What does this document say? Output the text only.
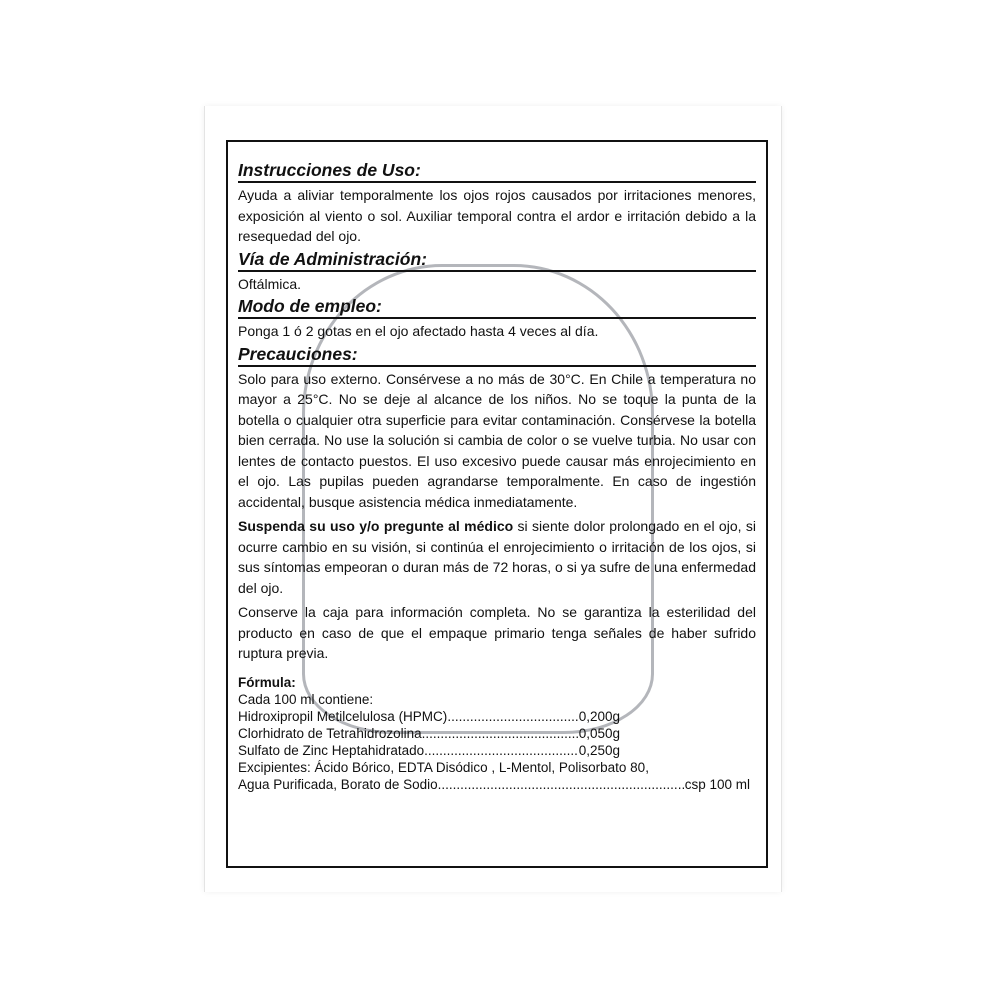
Instrucciones de Uso:

Ayuda a aliviar temporalmente los ojos rojos causados por irritaciones menores, exposición al viento o sol. Auxiliar temporal contra el ardor e irritación debido a la resequedad del ojo.

Vía de Administración:

Oftálmica.

Modo de empleo:

Ponga 1 ó 2 gotas en el ojo afectado hasta 4 veces al día.

Precauciones:

Solo para uso externo. Consérvese a no más de 30°C. En Chile a temperatura no mayor a 25°C. No se deje al alcance de los niños. No se toque la punta de la botella o cualquier otra superficie para evitar contaminación. Consérvese la botella bien cerrada. No use la solución si cambia de color o se vuelve turbia. No usar con lentes de contacto puestos. El uso excesivo puede causar más enrojecimiento en el ojo. Las pupilas pueden agrandarse temporalmente. En caso de ingestión accidental, busque asistencia médica inmediatamente.

Suspenda su uso y/o pregunte al médico si siente dolor prolongado en el ojo, si ocurre cambio en su visión, si continúa el enrojecimiento o irritación de los ojos, si sus síntomas empeoran o duran más de 72 horas, o si ya sufre de una enfermedad del ojo.

Conserve la caja para información completa. No se garantiza la esterilidad del producto en caso de que el empaque primario tenga señales de haber sufrido ruptura previa.

Fórmula:
Cada 100 ml contiene:
Hidroxipropil Metilcelulosa (HPMC) .....	0,200g
Clorhidrato de Tetrahidrozolina .....	0,050g
Sulfato de Zinc Heptahidratado .....	0,250g
Excipientes: Ácido Bórico, EDTA Disódico , L-Mentol, Polisorbato 80,
Agua Purificada, Borato de Sodio .....	csp 100 ml
